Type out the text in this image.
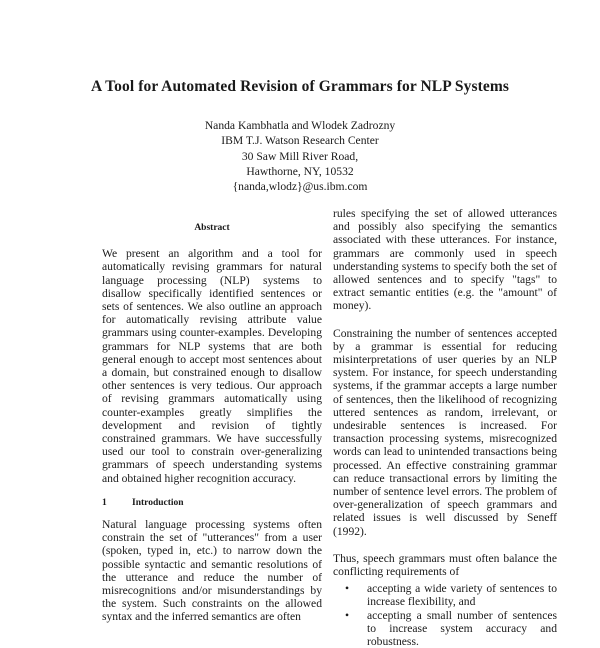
A Tool for Automated Revision of Grammars for NLP Systems
Nanda Kambhatla and Wlodek Zadrozny
IBM T.J. Watson Research Center
30 Saw Mill River Road,
Hawthorne, NY, 10532
{nanda,wlodz}@us.ibm.com
Abstract

We present an algorithm and a tool for automatically revising grammars for natural language processing (NLP) systems to disallow specifically identified sentences or sets of sentences. We also outline an approach for automatically revising attribute value grammars using counter-examples. Developing grammars for NLP systems that are both general enough to accept most sentences about a domain, but constrained enough to disallow other sentences is very tedious. Our approach of revising grammars automatically using counter-examples greatly simplifies the development and revision of tightly constrained grammars. We have successfully used our tool to constrain over-generalizing grammars of speech understanding systems and obtained higher recognition accuracy.

1	Introduction

Natural language processing systems often constrain the set of "utterances" from a user (spoken, typed in, etc.) to narrow down the possible syntactic and semantic resolutions of the utterance and reduce the number of misrecognitions and/or misunderstandings by the system. Such constraints on the allowed syntax and the inferred semantics are often

rules specifying the set of allowed utterances and possibly also specifying the semantics associated with these utterances. For instance, grammars are commonly used in speech understanding systems to specify both the set of allowed sentences and to specify "tags" to extract semantic entities (e.g. the "amount" of money).

Constraining the number of sentences accepted by a grammar is essential for reducing misinterpretations of user queries by an NLP system. For instance, for speech understanding systems, if the grammar accepts a large number of sentences, then the likelihood of recognizing uttered sentences as random, irrelevant, or undesirable sentences is increased. For transaction processing systems, misrecognized words can lead to unintended transactions being processed. An effective constraining grammar can reduce transactional errors by limiting the number of sentence level errors. The problem of over-generalization of speech grammars and related issues is well discussed by Seneff (1992).

Thus, speech grammars must often balance the conflicting requirements of

• accepting a wide variety of sentences to increase flexibility, and
• accepting a small number of sentences to increase system accuracy and robustness.
